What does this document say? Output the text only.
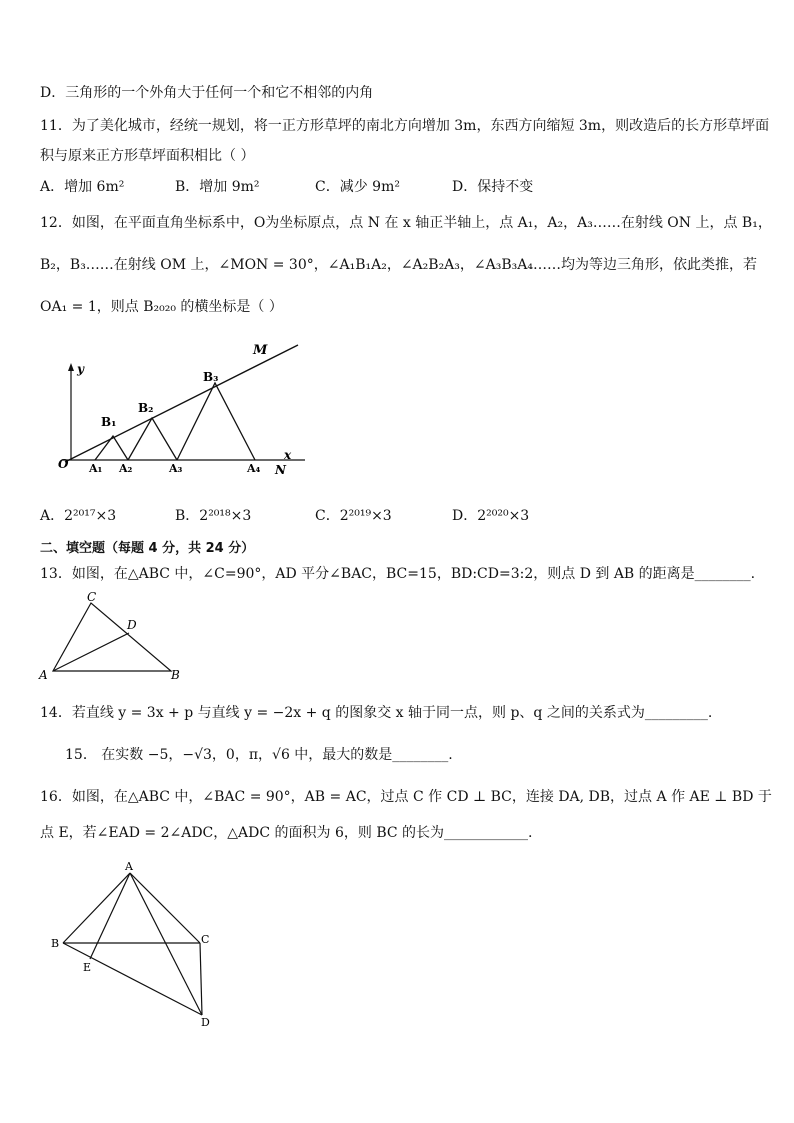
D．三角形的一个外角大于任何一个和它不相邻的内角
11．为了美化城市，经统一规划，将一正方形草坪的南北方向增加 3m，东西方向缩短 3m，则改造后的长方形草坪面
积与原来正方形草坪面积相比（ ）
A．增加 6m²	B．增加 9m²	C．减少 9m²	D．保持不变
12．如图，在平面直角坐标系中，O为坐标原点，点 N 在 x 轴正半轴上，点 A₁，A₂，A₃……在射线 ON 上，点 B₁，
B₂，B₃……在射线 OM 上，∠MON = 30°，∠A₁B₁A₂，∠A₂B₂A₃，∠A₃B₃A₄……均为等边三角形，依此类推，若
OA₁ = 1，则点 B₂₀₂₀ 的横坐标是（ ）
M
y
B₃
B₂
B₁
O A₁ A₂	A₃	A₄
x
N
A．2²⁰¹⁷×3	B．2²⁰¹⁸×3	C．2²⁰¹⁹×3	D．2²⁰²⁰×3
二、填空题（每题 4 分，共 24 分）
13．如图，在△ABC 中，∠C=90°，AD 平分∠BAC，BC=15，BD:CD=3:2，则点 D 到 AB 的距离是________.
C
D
A	B
14．若直线 y = 3x + p 与直线 y = −2x + q 的图象交 x 轴于同一点，则 p、q 之间的关系式为_________.
15． 在实数 −5，−√3，0，π，√6 中，最大的数是________.
16．如图，在△ABC 中，∠BAC = 90°，AB = AC，过点 C 作 CD ⊥ BC，连接 DA, DB，过点 A 作 AE ⊥ BD 于
点 E，若∠EAD = 2∠ADC，△ADC 的面积为 6，则 BC 的长为____________.
A
B	C
E
D
